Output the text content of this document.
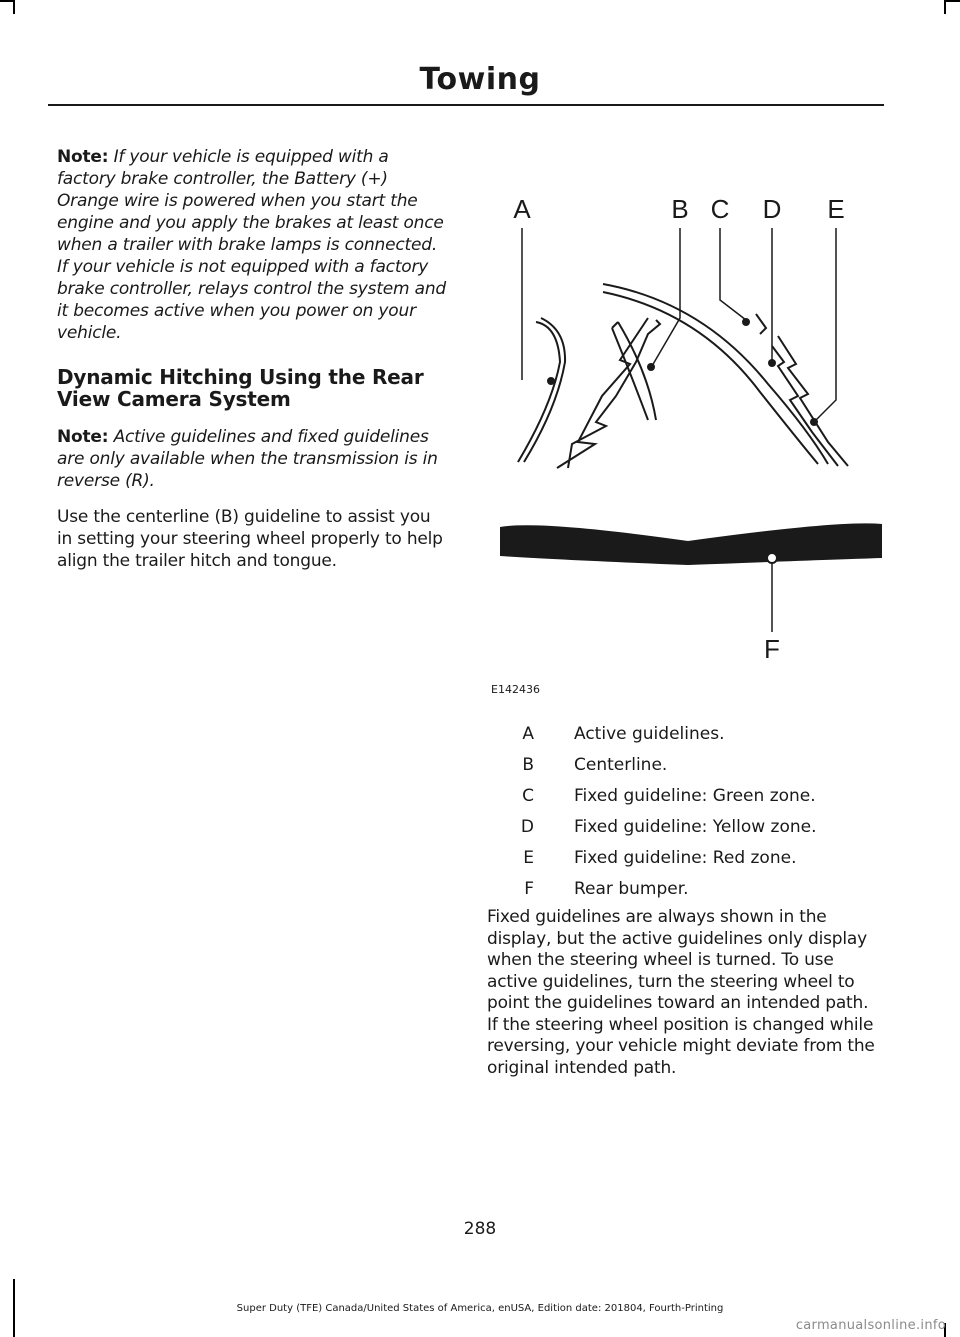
Towing

Note: If your vehicle is equipped with a factory brake controller, the Battery (+) Orange wire is powered when you start the engine and you apply the brakes at least once when a trailer with brake lamps is connected. If your vehicle is not equipped with a factory brake controller, relays control the system and it becomes active when you power on your vehicle.

Dynamic Hitching Using the Rear View Camera System

Note: Active guidelines and fixed guidelines are only available when the transmission is in reverse (R).

Use the centerline (B) guideline to assist you in setting your steering wheel properly to help align the trailer hitch and tongue.

A	B C D E
F
E142436
A Active guidelines.
B Centerline.
C Fixed guideline: Green zone.
D Fixed guideline: Yellow zone.
E Fixed guideline: Red zone.
F Rear bumper.
Fixed guidelines are always shown in the display, but the active guidelines only display when the steering wheel is turned. To use active guidelines, turn the steering wheel to point the guidelines toward an intended path. If the steering wheel position is changed while reversing, your vehicle might deviate from the original intended path.
288
Super Duty (TFE) Canada/United States of America, enUSA, Edition date: 201804, Fourth-Printing
carmanualsonline.info
